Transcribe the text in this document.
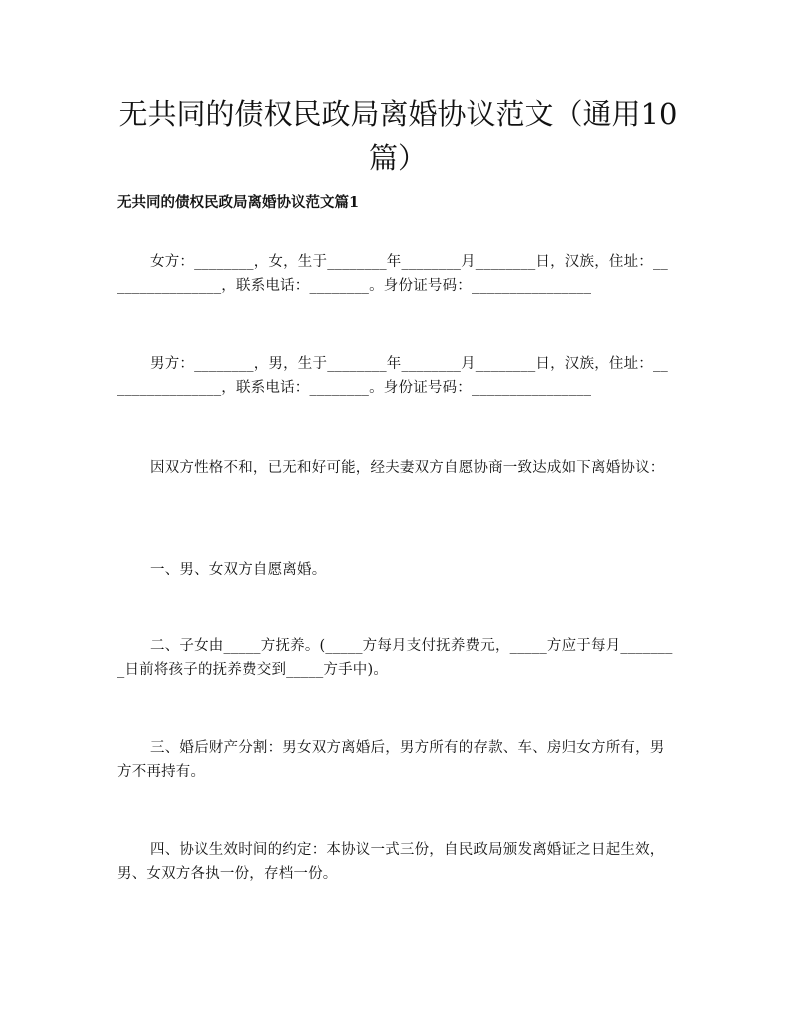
无共同的债权民政局离婚协议范文（通用10篇）
无共同的债权民政局离婚协议范文篇1

女方：________，女，生于________年________月________日，汉族，住址：________________，联系电话：________。身份证号码：________________

男方：________，男，生于________年________月________日，汉族，住址：________________，联系电话：________。身份证号码：________________

因双方性格不和，已无和好可能，经夫妻双方自愿协商一致达成如下离婚协议：

一、男、女双方自愿离婚。

二、子女由_____方抚养。(_____方每月支付抚养费元，_____方应于每月________日前将孩子的抚养费交到_____方手中)。

三、婚后财产分割：男女双方离婚后，男方所有的存款、车、房归女方所有，男方不再持有。

四、协议生效时间的约定：本协议一式三份，自民政局颁发离婚证之日起生效，男、女双方各执一份，存档一份。
